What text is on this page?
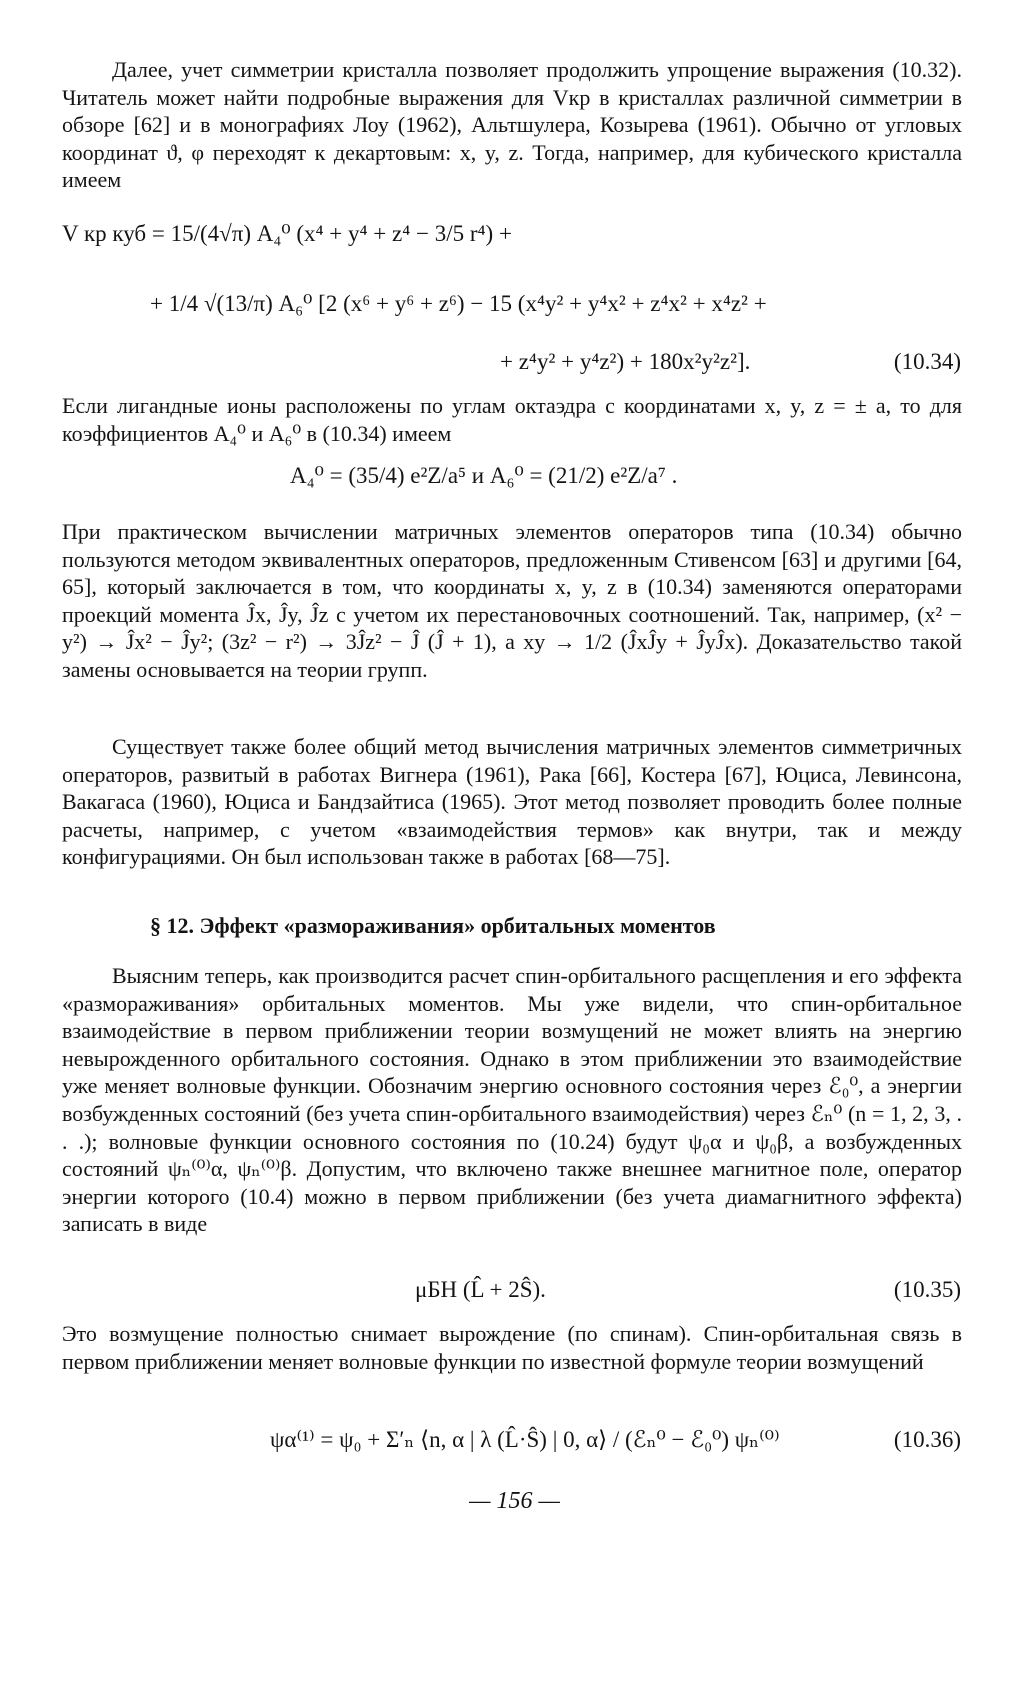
Далее, учет симметрии кристалла позволяет продолжить упрощение выражения (10.32). Читатель может найти подробные выражения для Vкр в кристаллах различной симметрии в обзоре [62] и в монографиях Лоу (1962), Альтшулера, Козырева (1961). Обычно от угловых координат ϑ, φ переходят к декартовым: x, y, z. Тогда, например, для кубического кристалла имеем

V кр куб = 15/(4√π) A₄⁰ (x⁴ + y⁴ + z⁴ − 3/5 r⁴) +
+ 1/4 √(13/π) A₆⁰ [2 (x⁶ + y⁶ + z⁶) − 15 (x⁴y² + y⁴x² + z⁴x² + x⁴z² +
+ z⁴y² + y⁴z²) + 180x²y²z²].	(10.34)

Если лигандные ионы расположены по углам октаэдра с координатами x, y, z = ± a, то для коэффициентов A₄⁰ и A₆⁰ в (10.34) имеем

A₄⁰ = (35/4) e²Z/a⁵ и A₆⁰ = (21/2) e²Z/a⁷ .

При практическом вычислении матричных элементов операторов типа (10.34) обычно пользуются методом эквивалентных операторов, предложенным Стивенсом [63] и другими [64, 65], который заключается в том, что координаты x, y, z в (10.34) заменяются операторами проекций момента Ĵx, Ĵy, Ĵz с учетом их перестановочных соотношений. Так, например, (x² − y²) → Ĵx² − Ĵy²; (3z² − r²) → 3Ĵz² − Ĵ (Ĵ + 1), а xy → 1/2 (ĴxĴy + ĴyĴx). Доказательство такой замены основывается на теории групп.

Существует также более общий метод вычисления матричных элементов симметричных операторов, развитый в работах Вигнера (1961), Рака [66], Костера [67], Юциса, Левинсона, Вакагаса (1960), Юциса и Бандзайтиса (1965). Этот метод позволяет проводить более полные расчеты, например, с учетом «взаимодействия термов» как внутри, так и между конфигурациями. Он был использован также в работах [68—75].

§ 12. Эффект «размораживания» орбитальных моментов

Выясним теперь, как производится расчет спин-орбитального расщепления и его эффекта «размораживания» орбитальных моментов. Мы уже видели, что спин-орбитальное взаимодействие в первом приближении теории возмущений не может влиять на энергию невырожденного орбитального состояния. Однако в этом приближении это взаимодействие уже меняет волновые функции. Обозначим энергию основного состояния через ℰ₀⁰, а энергии возбужденных состояний (без учета спин-орбитального взаимодействия) через ℰₙ⁰ (n = 1, 2, 3, . . .); волновые функции основного состояния по (10.24) будут ψ₀α и ψ₀β, а возбужденных состояний ψₙ⁽⁰⁾α, ψₙ⁽⁰⁾β. Допустим, что включено также внешнее магнитное поле, оператор энергии которого (10.4) можно в первом приближении (без учета диамагнитного эффекта) записать в виде

μБH (L̂ + 2Ŝ).	(10.35)

Это возмущение полностью снимает вырождение (по спинам). Спин-орбитальная связь в первом приближении меняет волновые функции по известной формуле теории возмущений

ψα⁽¹⁾ = ψ₀ + Σ′ₙ ⟨n, α | λ (L̂·Ŝ) | 0, α⟩ / (ℰₙ⁰ − ℰ₀⁰) ψₙ⁽⁰⁾	(10.36)
— 156 —
